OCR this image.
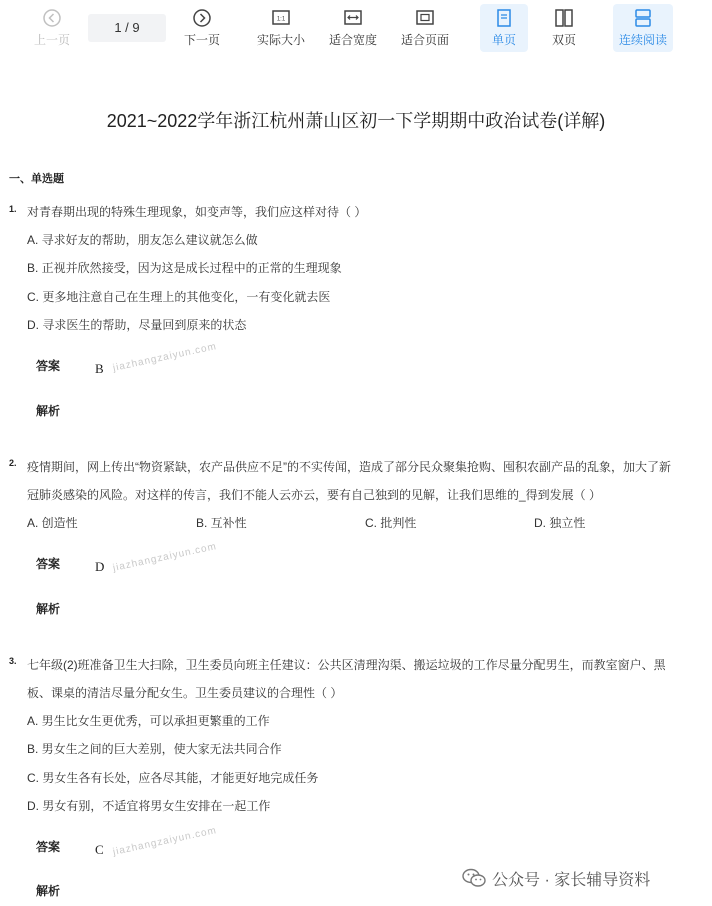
上一页
1 / 9
下一页
1:1
实际大小	适合宽度	适合页面	单页	双页	连续阅读
2021~2022学年浙江杭州萧山区初一下学期期中政治试卷(详解)
一、单选题
1. 对青春期出现的特殊生理现象，如变声等，我们应这样对待（ ）
A. 寻求好友的帮助，朋友怎么建议就怎么做
B. 正视并欣然接受，因为这是成长过程中的正常的生理现象
C. 更多地注意自己在生理上的其他变化，一有变化就去医
D. 寻求医生的帮助，尽量回到原来的状态
答案	B jiazhangzaiyun.com
解析
2. 疫情期间，网上传出“物资紧缺，农产品供应不足”的不实传闻，造成了部分民众聚集抢购、囤积农副产品的乱象，加大了新
冠肺炎感染的风险。对这样的传言，我们不能人云亦云，要有自己独到的见解，让我们思维的_得到发展（ ）
A. 创造性	B. 互补性	C. 批判性	D. 独立性
答案	D jiazhangzaiyun.com
解析
3. 七年级(2)班准备卫生大扫除，卫生委员向班主任建议：公共区清理沟渠、搬运垃圾的工作尽量分配男生，而教室窗户、黑
板、课桌的清洁尽量分配女生。卫生委员建议的合理性（ ）
A. 男生比女生更优秀，可以承担更繁重的工作
B. 男女生之间的巨大差别，使大家无法共同合作
C. 男女生各有长处，应各尽其能，才能更好地完成任务
D. 男女有别，不适宜将男女生安排在一起工作
答案	C jiazhangzaiyun.com
解析
公众号 · 家长辅导资料
